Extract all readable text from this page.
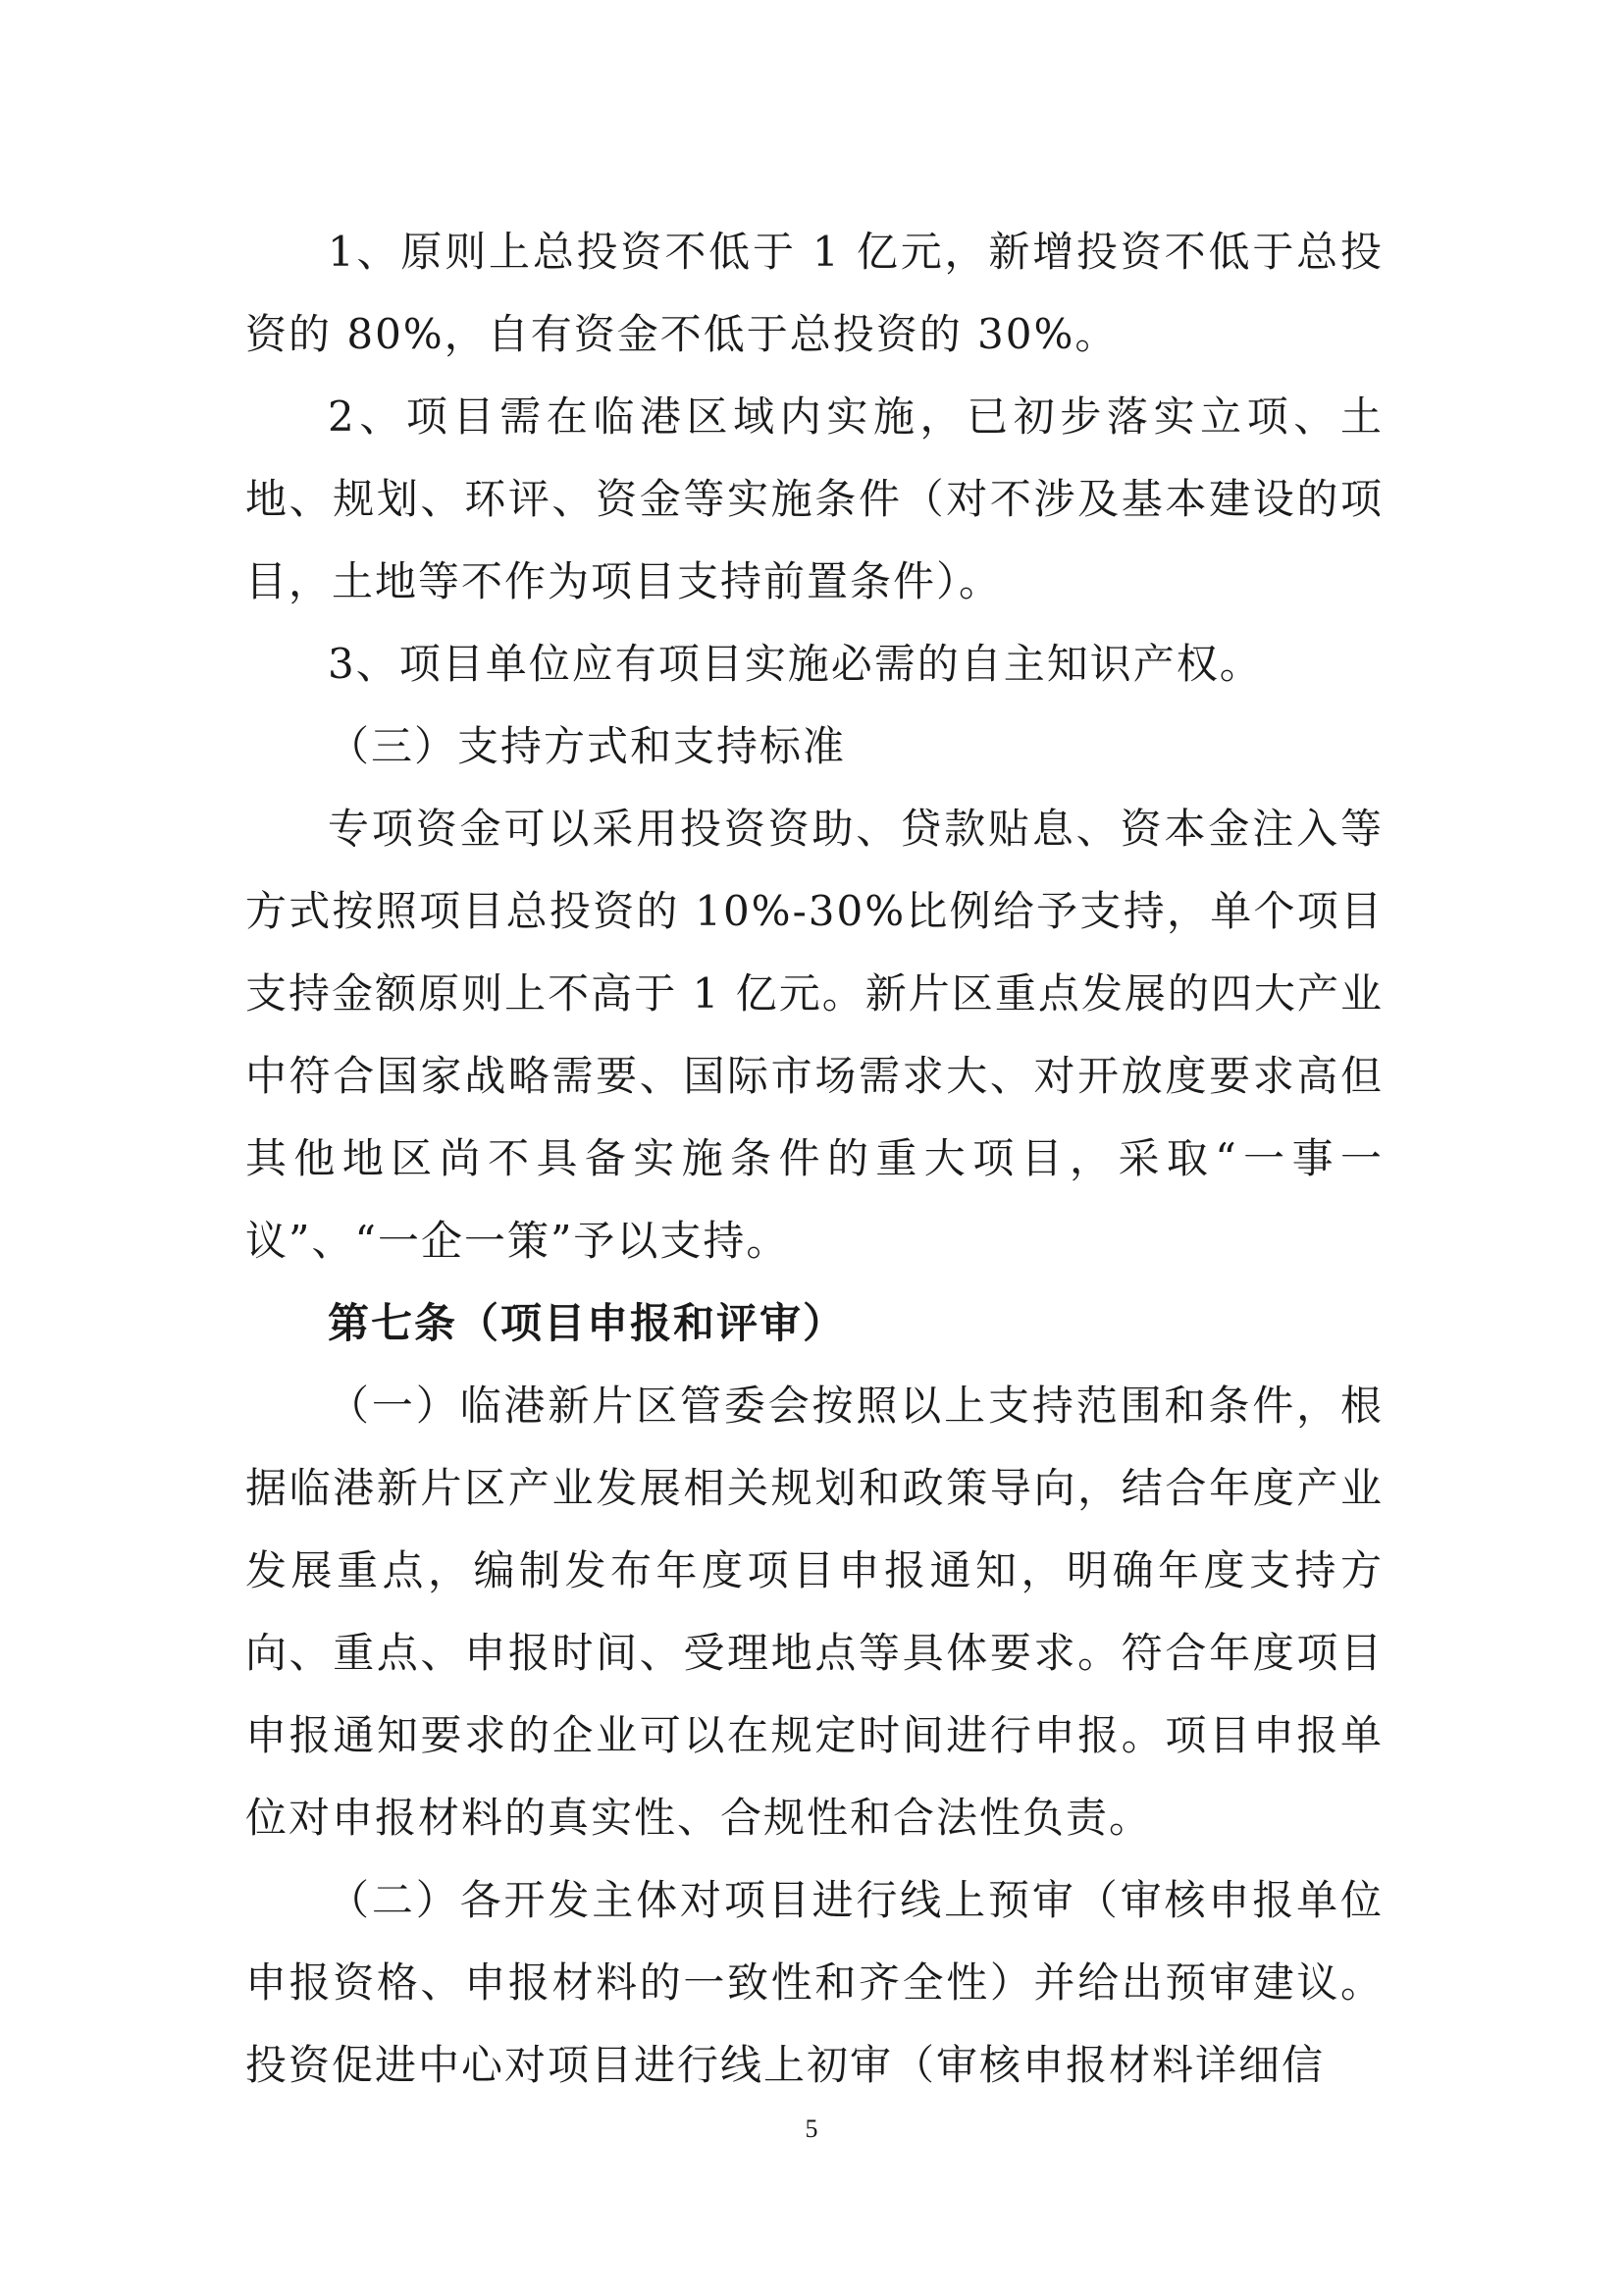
1、原则上总投资不低于 1 亿元，新增投资不低于总投资的 80%，自有资金不低于总投资的 30%。

2、项目需在临港区域内实施，已初步落实立项、土地、规划、环评、资金等实施条件（对不涉及基本建设的项目，土地等不作为项目支持前置条件）。

3、项目单位应有项目实施必需的自主知识产权。

（三）支持方式和支持标准

专项资金可以采用投资资助、贷款贴息、资本金注入等方式按照项目总投资的 10%-30%比例给予支持，单个项目支持金额原则上不高于 1 亿元。新片区重点发展的四大产业中符合国家战略需要、国际市场需求大、对开放度要求高但其他地区尚不具备实施条件的重大项目，采取“一事一议”、“一企一策”予以支持。

第七条（项目申报和评审）

（一）临港新片区管委会按照以上支持范围和条件，根据临港新片区产业发展相关规划和政策导向，结合年度产业发展重点，编制发布年度项目申报通知，明确年度支持方向、重点、申报时间、受理地点等具体要求。符合年度项目申报通知要求的企业可以在规定时间进行申报。项目申报单位对申报材料的真实性、合规性和合法性负责。

（二）各开发主体对项目进行线上预审（审核申报单位申报资格、申报材料的一致性和齐全性）并给出预审建议。投资促进中心对项目进行线上初审（审核申报材料详细信

5
